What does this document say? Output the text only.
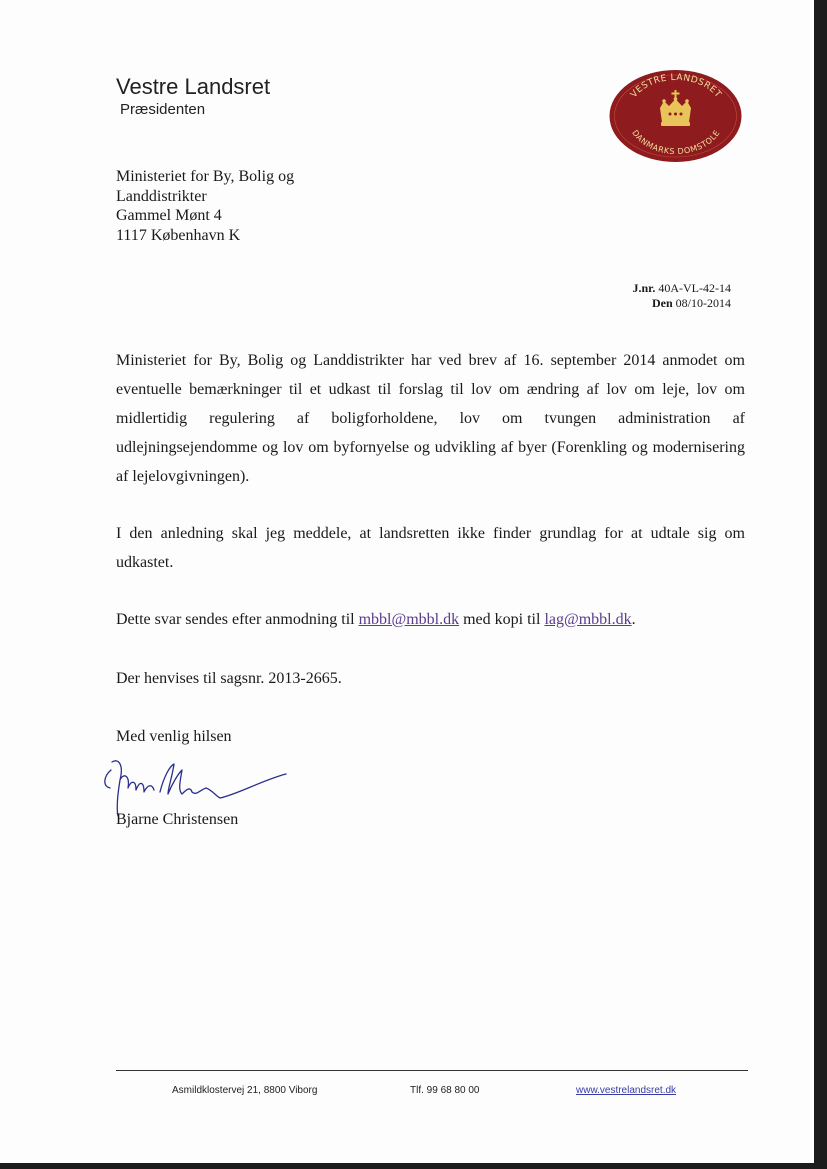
Vestre Landsret
Præsidenten
VESTRE LANDSRET
DANMARKS DOMSTOLE
Ministeriet for By, Bolig og
Landdistrikter
Gammel Mønt 4
1117 København K
J.nr. 40A-VL-42-14
Den 08/10-2014
Ministeriet for By, Bolig og Landdistrikter har ved brev af 16. september 2014 anmodet om eventuelle bemærkninger til et udkast til forslag til lov om ændring af lov om leje, lov om midlertidig regulering af boligforholdene, lov om tvungen administration af udlejningsejendomme og lov om byfornyelse og udvikling af byer (Forenkling og modernisering af lejelovgivningen).
I den anledning skal jeg meddele, at landsretten ikke finder grundlag for at udtale sig om udkastet.
Dette svar sendes efter anmodning til mbbl@mbbl.dk med kopi til lag@mbbl.dk.
Der henvises til sagsnr. 2013-2665.
Med venlig hilsen
Bjarne Christensen
Asmildklostervej 21, 8800 Viborg	Tlf. 99 68 80 00	www.vestrelandsret.dk
